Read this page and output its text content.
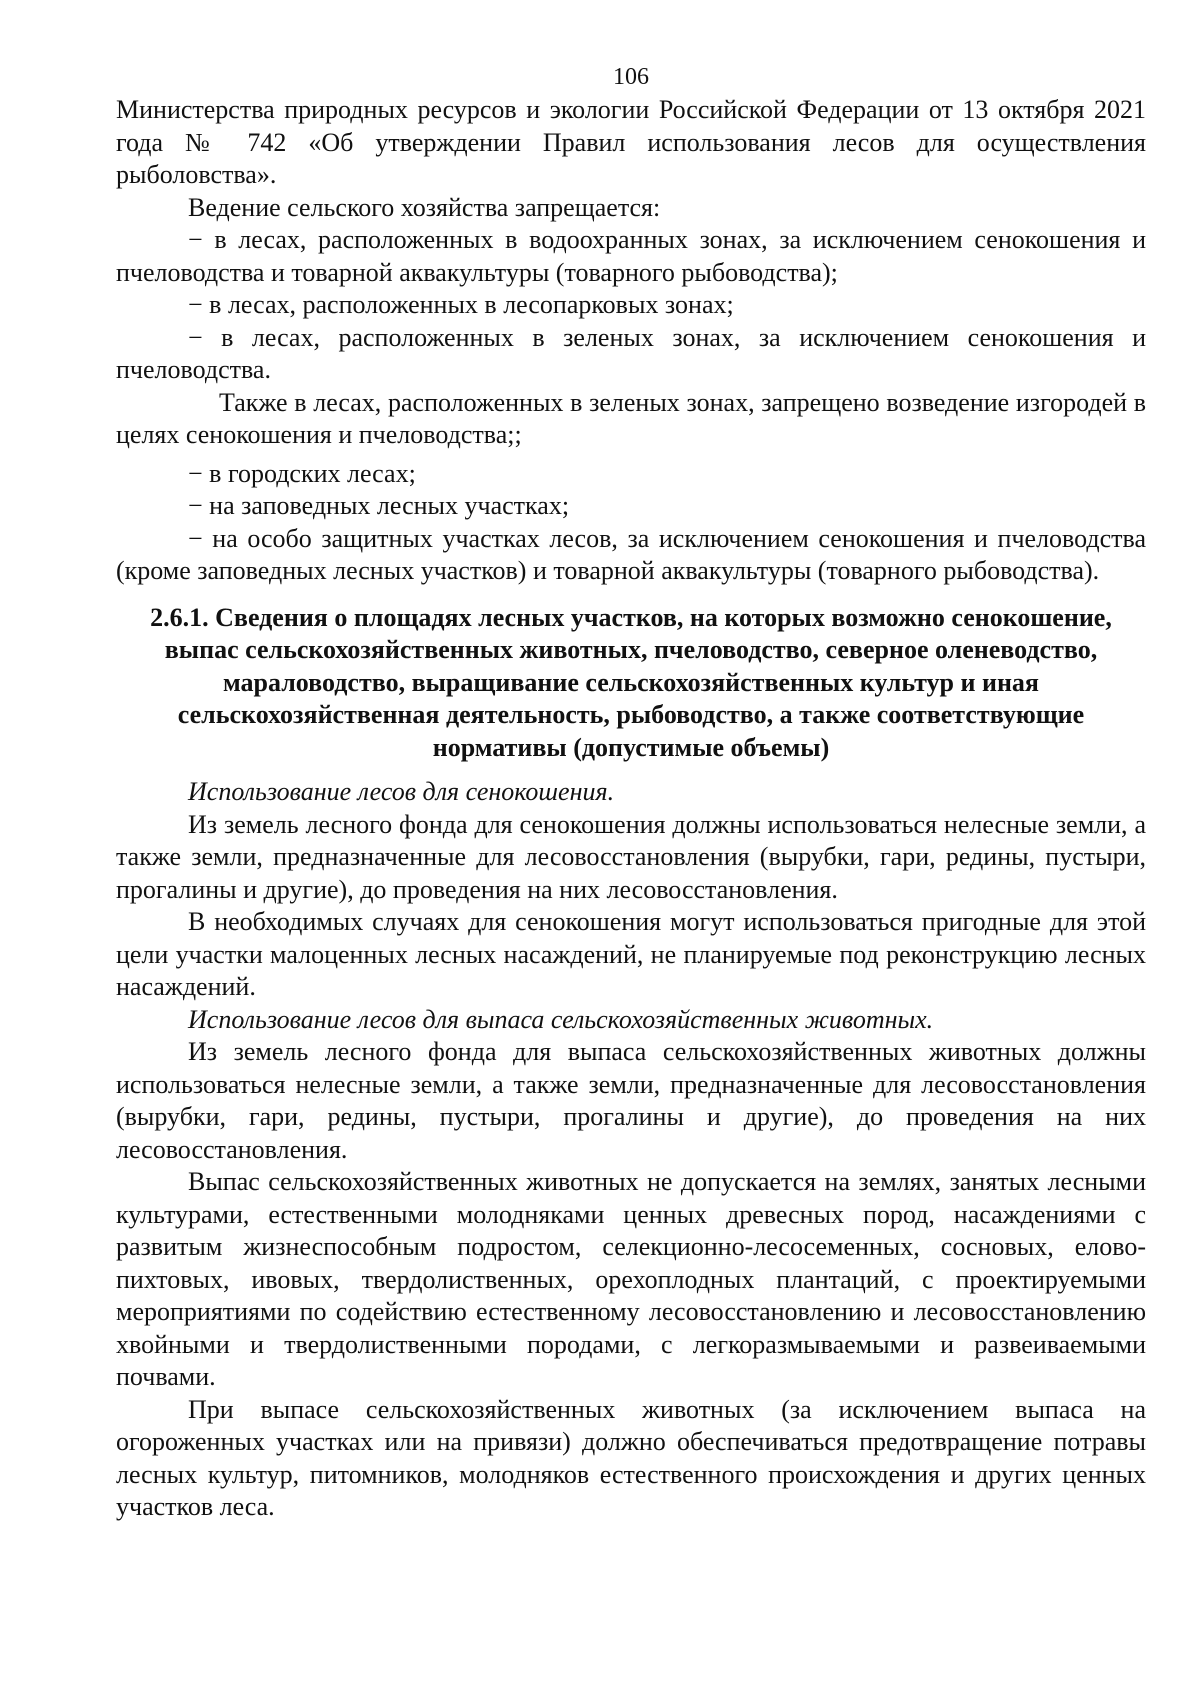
106

Министерства природных ресурсов и экологии Российской Федерации от 13 октября 2021 года № 742 «Об утверждении Правил использования лесов для осуществления рыболовства».

Ведение сельского хозяйства запрещается:

− в лесах, расположенных в водоохранных зонах, за исключением сенокошения и пчеловодства и товарной аквакультуры (товарного рыбоводства);

− в лесах, расположенных в лесопарковых зонах;

− в лесах, расположенных в зеленых зонах, за исключением сенокошения и пчеловодства.

Также в лесах, расположенных в зеленых зонах, запрещено возведение изгородей в целях сенокошения и пчеловодства;;

− в городских лесах;

− на заповедных лесных участках;

− на особо защитных участках лесов, за исключением сенокошения и пчеловодства (кроме заповедных лесных участков) и товарной аквакультуры (товарного рыбоводства).

2.6.1. Сведения о площадях лесных участков, на которых возможно сенокошение, выпас сельскохозяйственных животных, пчеловодство, северное оленеводство, мараловодство, выращивание сельскохозяйственных культур и иная сельскохозяйственная деятельность, рыбоводство, а также соответствующие нормативы (допустимые объемы)

Использование лесов для сенокошения.

Из земель лесного фонда для сенокошения должны использоваться нелесные земли, а также земли, предназначенные для лесовосстановления (вырубки, гари, редины, пустыри, прогалины и другие), до проведения на них лесовосстановления.

В необходимых случаях для сенокошения могут использоваться пригодные для этой цели участки малоценных лесных насаждений, не планируемые под реконструкцию лесных насаждений.

Использование лесов для выпаса сельскохозяйственных животных.

Из земель лесного фонда для выпаса сельскохозяйственных животных должны использоваться нелесные земли, а также земли, предназначенные для лесовосстановления (вырубки, гари, редины, пустыри, прогалины и другие), до проведения на них лесовосстановления.

Выпас сельскохозяйственных животных не допускается на землях, занятых лесными культурами, естественными молодняками ценных древесных пород, насаждениями с развитым жизнеспособным подростом, селекционно-лесосеменных, сосновых, елово-пихтовых, ивовых, твердолиственных, орехоплодных плантаций, с проектируемыми мероприятиями по содействию естественному лесовосстановлению и лесовосстановлению хвойными и твердолиственными породами, с легкоразмываемыми и развеиваемыми почвами.

При выпасе сельскохозяйственных животных (за исключением выпаса на огороженных участках или на привязи) должно обеспечиваться предотвращение потравы лесных культур, питомников, молодняков естественного происхождения и других ценных участков леса.
